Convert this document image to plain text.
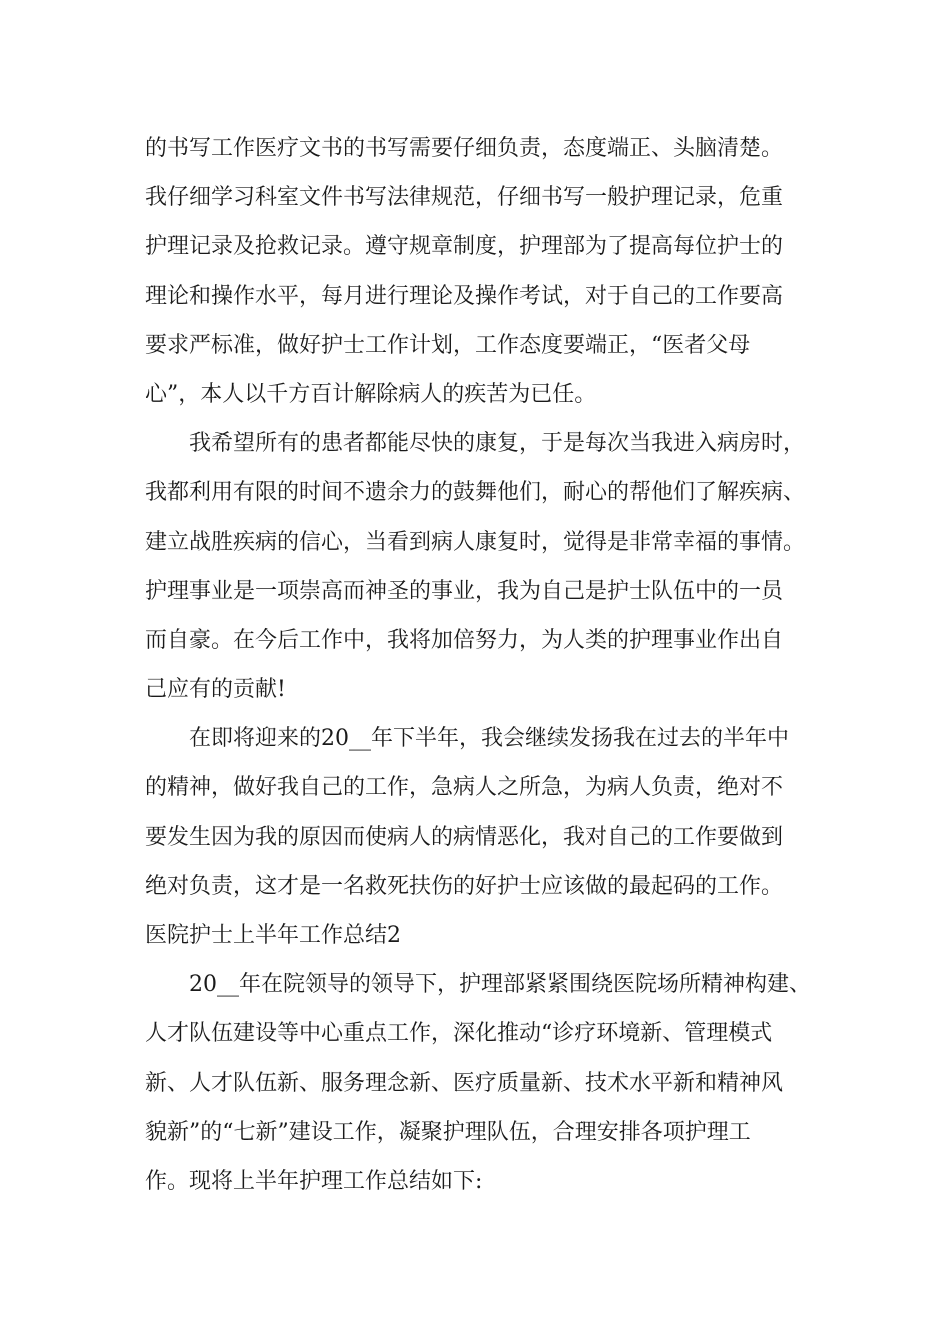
的书写工作医疗文书的书写需要仔细负责，态度端正、头脑清楚。
我仔细学习科室文件书写法律规范，仔细书写一般护理记录，危重
护理记录及抢救记录。遵守规章制度，护理部为了提高每位护士的
理论和操作水平，每月进行理论及操作考试，对于自己的工作要高
要求严标准，做好护士工作计划，工作态度要端正，“医者父母
心”，本人以千方百计解除病人的疾苦为已任。
我希望所有的患者都能尽快的康复，于是每次当我进入病房时，
我都利用有限的时间不遗余力的鼓舞他们，耐心的帮他们了解疾病、
建立战胜疾病的信心，当看到病人康复时，觉得是非常幸福的事情。
护理事业是一项崇高而神圣的事业，我为自己是护士队伍中的一员
而自豪。在今后工作中，我将加倍努力，为人类的护理事业作出自
己应有的贡献!
在即将迎来的20__年下半年，我会继续发扬我在过去的半年中
的精神，做好我自己的工作，急病人之所急，为病人负责，绝对不
要发生因为我的原因而使病人的病情恶化，我对自己的工作要做到
绝对负责，这才是一名救死扶伤的好护士应该做的最起码的工作。
医院护士上半年工作总结2
20__年在院领导的领导下，护理部紧紧围绕医院场所精神构建、
人才队伍建设等中心重点工作，深化推动“诊疗环境新、管理模式
新、人才队伍新、服务理念新、医疗质量新、技术水平新和精神风
貌新”的“七新”建设工作，凝聚护理队伍，合理安排各项护理工
作。现将上半年护理工作总结如下:
